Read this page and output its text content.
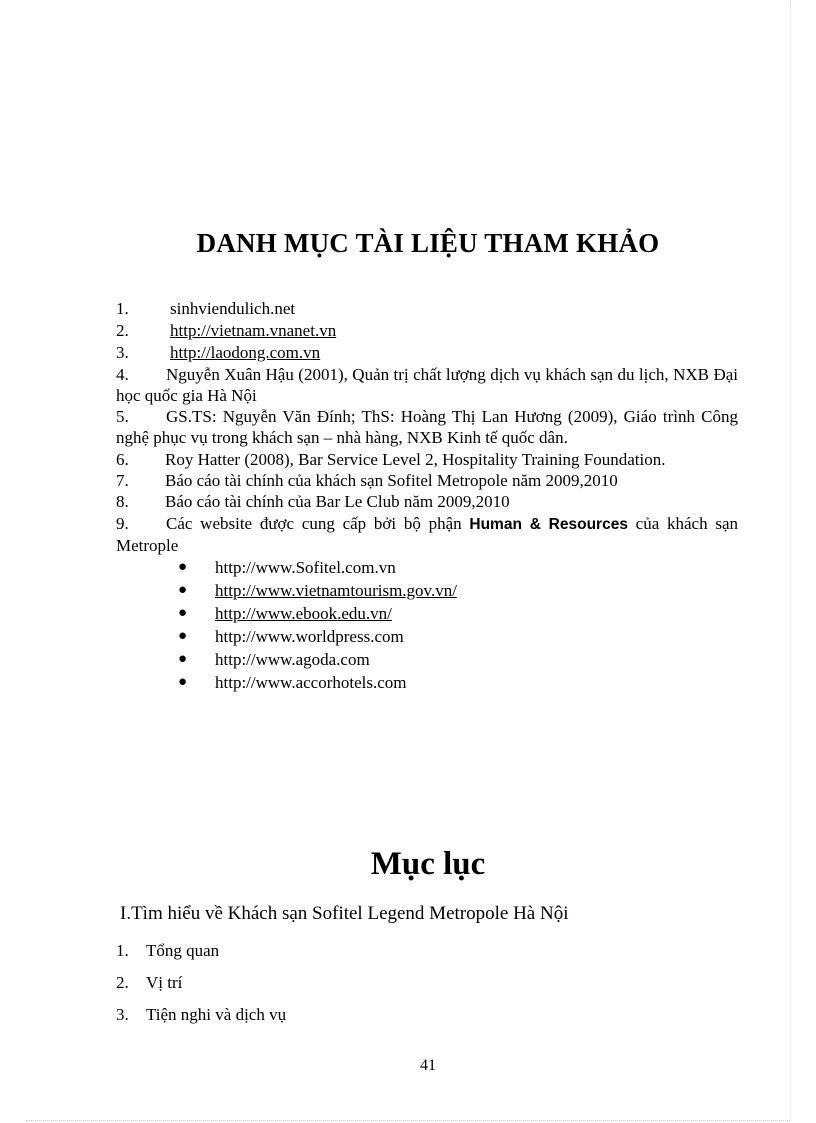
DANH MỤC TÀI LIỆU THAM KHẢO
1. sinhviendulich.net
2. http://vietnam.vnanet.vn
3. http://laodong.com.vn
4. Nguyễn Xuân Hậu (2001), Quản trị chất lượng dịch vụ khách sạn du lịch, NXB Đại học quốc gia Hà Nội
5. GS.TS: Nguyễn Văn Đính; ThS: Hoàng Thị Lan Hương (2009), Giáo trình Công nghệ phục vụ trong khách sạn – nhà hàng, NXB Kinh tế quốc dân.
6. Roy Hatter (2008), Bar Service Level 2, Hospitality Training Foundation.
7. Báo cáo tài chính của khách sạn Sofitel Metropole năm 2009,2010
8. Báo cáo tài chính của Bar Le Club năm 2009,2010
9. Các website được cung cấp bởi bộ phận Human & Resources của khách sạn Metrople
● http://www.Sofitel.com.vn
● http://www.vietnamtourism.gov.vn/
● http://www.ebook.edu.vn/
● http://www.worldpress.com
● http://www.agoda.com
● http://www.accorhotels.com
Mục lục
I.Tìm hiểu về Khách sạn Sofitel Legend Metropole Hà Nội
1. Tổng quan
2. Vị trí
3. Tiện nghi và dịch vụ
41
